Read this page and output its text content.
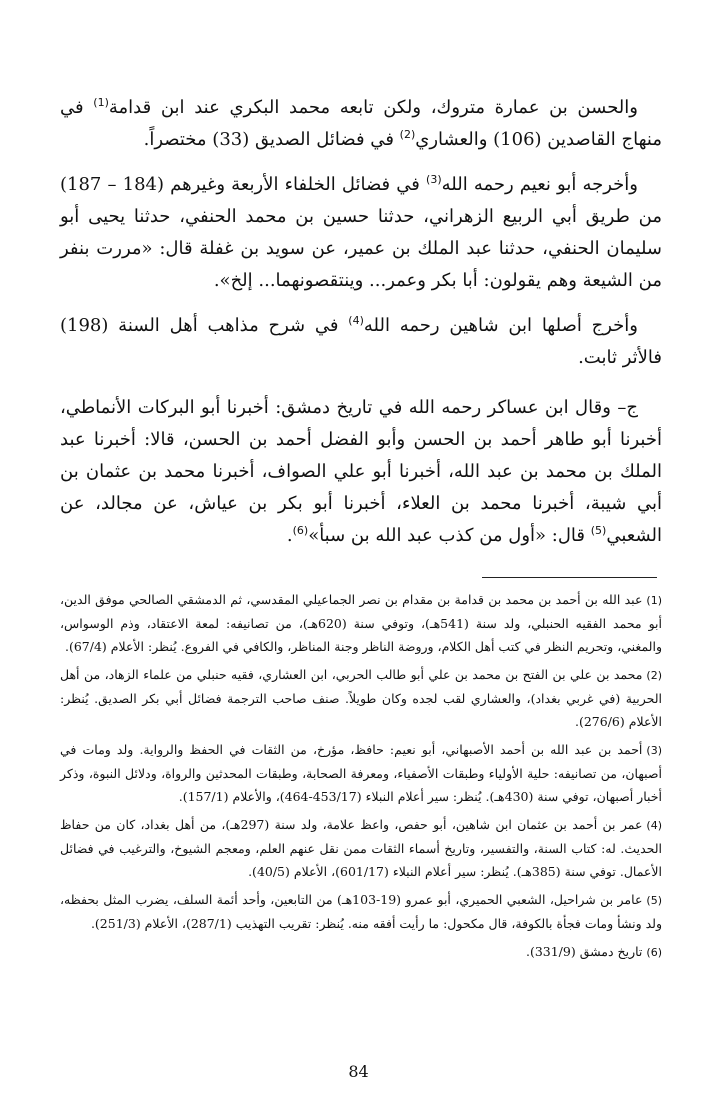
والحسن بن عمارة متروك، ولكن تابعه محمد البكري عند ابن قدامة$^{(1)}$ في منهاج القاصدين (106) والعشاري$^{(2)}$ في فضائل الصديق (33) مختصراً.

وأخرجه أبو نعيم رحمه الله$^{(3)}$ في فضائل الخلفاء الأربعة وغيرهم (184 – 187) من طريق أبي الربيع الزهراني، حدثنا حسين بن محمد الحنفي، حدثنا يحيى أبو سليمان الحنفي، حدثنا عبد الملك بن عمير، عن سويد بن غفلة قال: «مررت بنفر من الشيعة وهم يقولون: أبا بكر وعمر... وينتقصونهما... إلخ».

وأخرج أصلها ابن شاهين رحمه الله$^{(4)}$ في شرح مذاهب أهل السنة (198) فالأثر ثابت.

ج– وقال ابن عساكر رحمه الله في تاريخ دمشق: أخبرنا أبو البركات الأنماطي، أخبرنا أبو طاهر أحمد بن الحسن وأبو الفضل أحمد بن الحسن، قالا: أخبرنا عبد الملك بن محمد بن عبد الله، أخبرنا أبو علي الصواف، أخبرنا محمد بن عثمان بن أبي شيبة، أخبرنا محمد بن العلاء، أخبرنا أبو بكر بن عياش، عن مجالد، عن الشعبي$^{(5)}$ قال: «أول من كذب عبد الله بن سبأ»$^{(6)}$.

(1)عبد الله بن أحمد بن محمد بن قدامة بن مقدام بن نصر الجماعيلي المقدسي، ثم الدمشقي الصالحي موفق الدين، أبو محمد الفقيه الحنبلي، ولد سنة (541هـ)، وتوفي سنة (620هـ)، من تصانيفه: لمعة الاعتقاد، وذم الوسواس، والمغني، وتحريم النظر في كتب أهل الكلام، وروضة الناظر وجنة المناظر، والكافي في الفروع. يُنظر: الأعلام (67/4).

(2)محمد بن علي بن الفتح بن محمد بن علي أبو طالب الحربي، ابن العشاري، فقيه حنبلي من علماء الزهاد، من أهل الحربية (في غربي بغداد)، والعشاري لقب لجده وكان طويلاً. صنف صاحب الترجمة فضائل أبي بكر الصديق. يُنظر: الأعلام (276/6).

(3)أحمد بن عبد الله بن أحمد الأصبهاني، أبو نعيم: حافظ، مؤرخ، من الثقات في الحفظ والرواية. ولد ومات في أصبهان، من تصانيفه: حلية الأولياء وطبقات الأصفياء، ومعرفة الصحابة، وطبقات المحدثين والرواة، ودلائل النبوة، وذكر أخبار أصبهان، توفي سنة (430هـ). يُنظر: سير أعلام النبلاء (453/17-464)، والأعلام (157/1).

(4)عمر بن أحمد بن عثمان ابن شاهين، أبو حفص، واعظ علامة، ولد سنة (297هـ)، من أهل بغداد، كان من حفاظ الحديث. له: كتاب السنة، والتفسير، وتاريخ أسماء الثقات ممن نقل عنهم العلم، ومعجم الشيوخ، والترغيب في فضائل الأعمال. توفي سنة (385هـ). يُنظر: سير أعلام النبلاء (601/17)، الأعلام (40/5).

(5)عامر بن شراحيل، الشعبي الحميري، أبو عمرو (19-103هـ) من التابعين، وأحد أئمة السلف، يضرب المثل بحفظه، ولد ونشأ ومات فجأة بالكوفة، قال مكحول: ما رأيت أفقه منه. يُنظر: تقريب التهذيب (287/1)، الأعلام (251/3).

(6)تاريخ دمشق (331/9).

84
